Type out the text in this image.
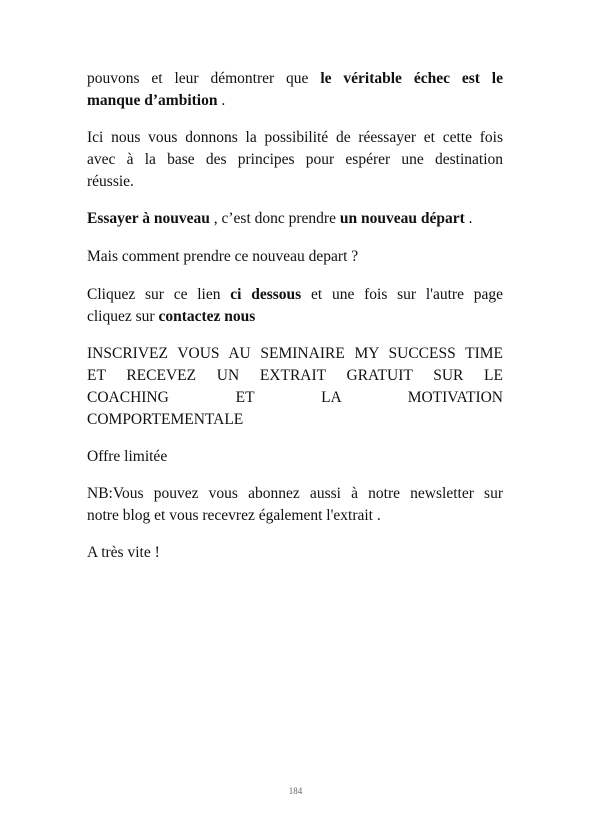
pouvons et leur démontrer que le véritable échec est le
manque d’ambition .

Ici nous vous donnons la possibilité de réessayer et cette fois
avec à la base des principes pour espérer une destination
réussie.

Essayer à nouveau , c’est donc prendre un nouveau départ .

Mais comment prendre ce nouveau depart ?

Cliquez sur ce lien ci dessous et une fois sur l'autre page
cliquez sur contactez nous

INSCRIVEZ VOUS AU SEMINAIRE MY SUCCESS TIME
ET RECEVEZ UN EXTRAIT GRATUIT SUR LE
COACHING ET LA MOTIVATION
COMPORTEMENTALE

Offre limitée

NB:Vous pouvez vous abonnez aussi à notre newsletter sur
notre blog et vous recevrez également l'extrait .

A très vite !

184
